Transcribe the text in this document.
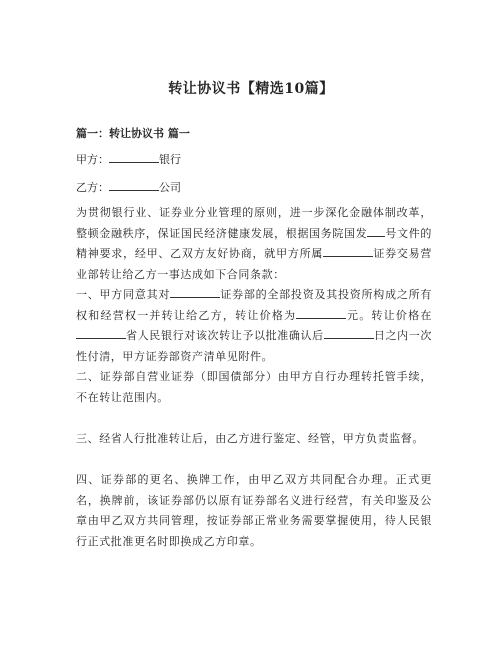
转让协议书【精选10篇】
篇一：转让协议书 篇一
甲方：	银行
乙方：	公司
为贯彻银行业、证券业分业管理的原则，进一步深化金融体制改革，整顿金融秩序，保证国民经济健康发展，根据国务院国发 号文件的精神要求，经甲、乙双方友好协商，就甲方所属	证券交易营业部转让给乙方一事达成如下合同条款：
一、甲方同意其对	证券部的全部投资及其投资所构成之所有权和经营权一并转让给乙方，转让价格为	元。转让价格在省人民银行对该次转让予以批准确认后	日之内一次性付清，甲方证券部资产清单见附件。
二、证券部自营业证券（即国债部分）由甲方自行办理转托管手续，不在转让范围内。
三、经省人行批准转让后，由乙方进行鉴定、经管，甲方负责监督。
四、证券部的更名、换牌工作，由甲乙双方共同配合办理。正式更名，换牌前，该证券部仍以原有证券部名义进行经营，有关印鉴及公章由甲乙双方共同管理，按证券部正常业务需要掌握使用，待人民银行正式批准更名时即换成乙方印章。
